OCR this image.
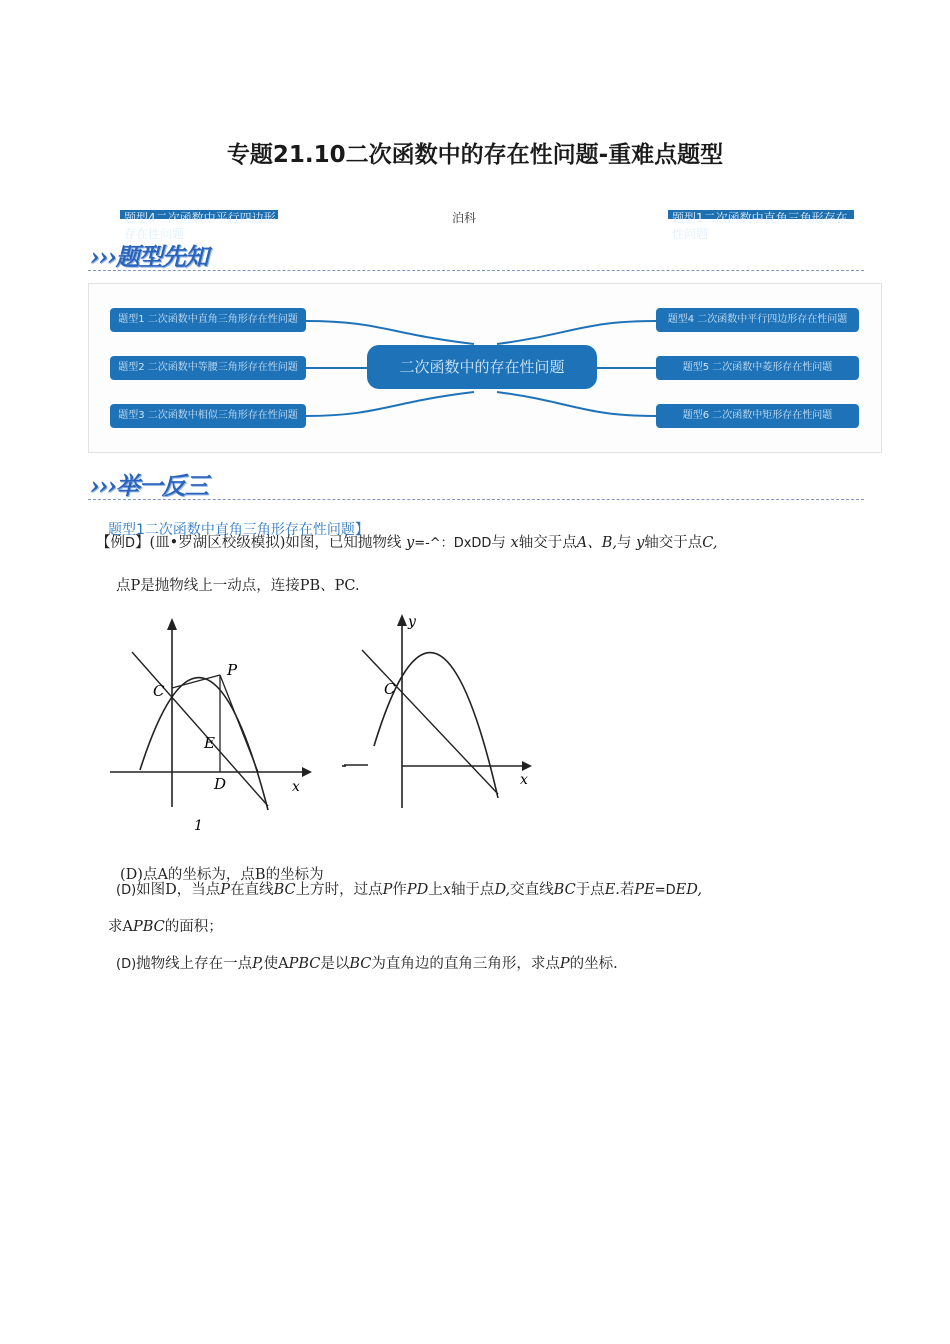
专题21.10二次函数中的存在性问题-重难点题型
题型4二次函数中平行四边形存在性问题
泊科	题型1二次函数中直角三角形存在性问题
›››题型先知
题型1 二次函数中直角三角形存在性问题
题型2 二次函数中等腰三角形存在性问题
题型3 二次函数中相似三角形存在性问题
二次函数中的存在性问题
题型4 二次函数中平行四边形存在性问题
题型5 二次函数中菱形存在性问题
题型6 二次函数中矩形存在性问题
›››举一反三
题型1二次函数中直角三角形存在性问题】
【例D】(皿•罗湖区校级模拟)如图，已知抛物线 y=-^：DxDD与 x轴交于点A、B,与 y轴交于点C,
点P是抛物线上一动点，连接PB、PC.
C
P
E
D	x
1
C
y
x
(D)点A的坐标为，点B的坐标为
(D)如图D，当点P在直线BC上方时，过点P作PD上x轴于点D,交直线BC于点E.若PE=DED,
求APBC的面积；
(D)抛物线上存在一点P,使APBC是以BC为直角边的直角三角形，求点P的坐标.
